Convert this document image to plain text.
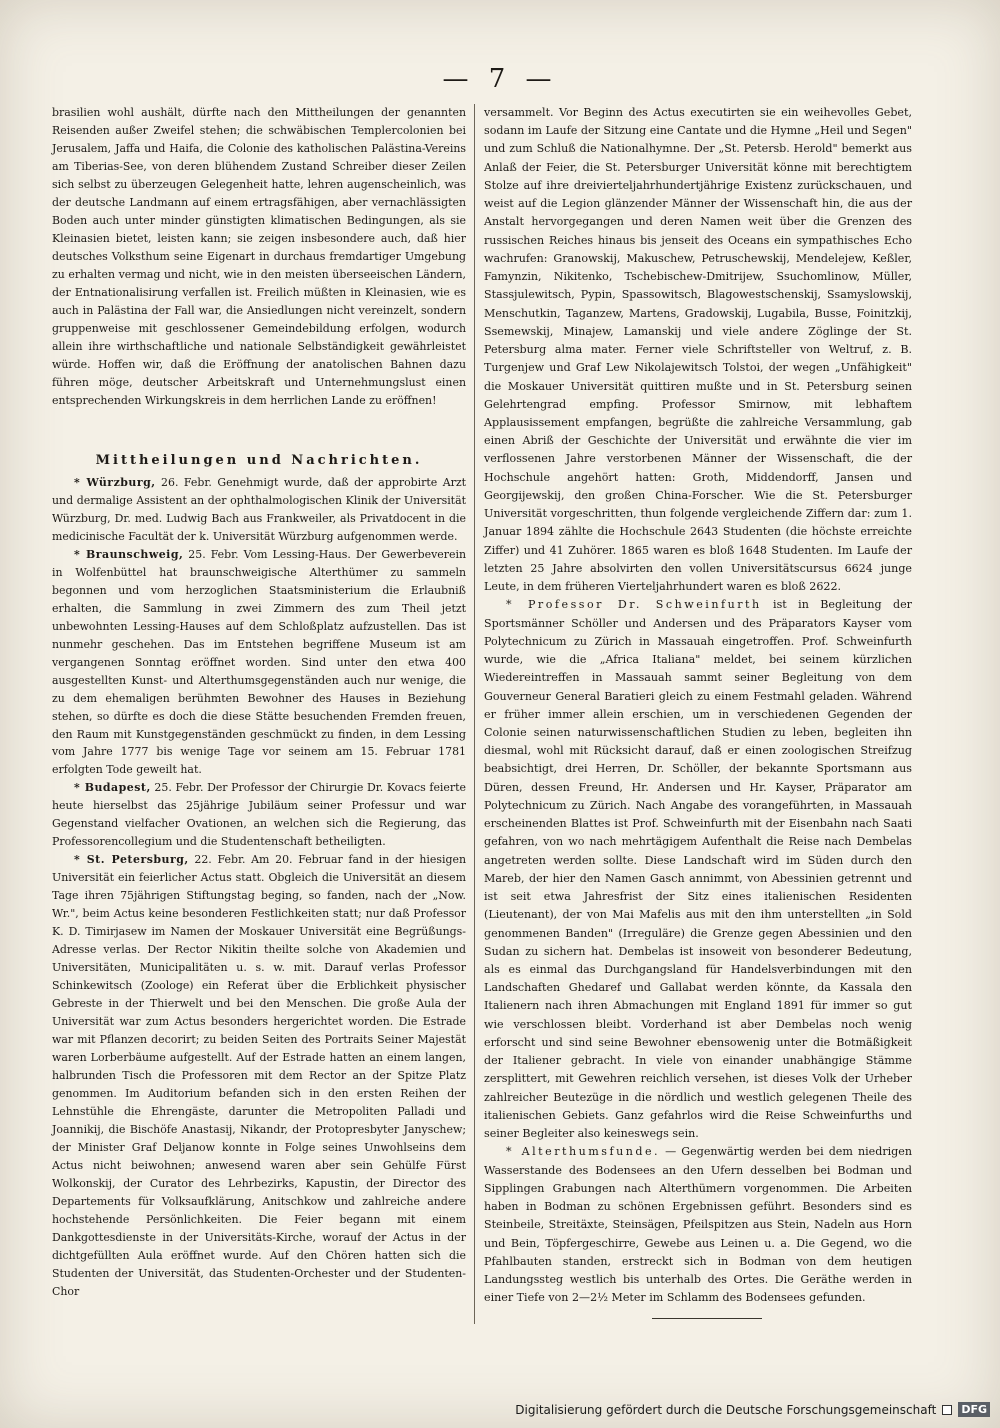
— 7 —

brasilien wohl aushält, dürfte nach den Mittheilungen der genannten Reisenden außer Zweifel stehen; die schwäbischen Templercolonien bei Jerusalem, Jaffa und Haifa, die Colonie des katholischen Palästina-Vereins am Tiberias-See, von deren blühendem Zustand Schreiber dieser Zeilen sich selbst zu überzeugen Gelegenheit hatte, lehren augenscheinlich, was der deutsche Landmann auf einem ertragsfähigen, aber vernachlässigten Boden auch unter minder günstigten klimatischen Bedingungen, als sie Kleinasien bietet, leisten kann; sie zeigen insbesondere auch, daß hier deutsches Volksthum seine Eigenart in durchaus fremdartiger Umgebung zu erhalten vermag und nicht, wie in den meisten überseeischen Ländern, der Entnationalisirung verfallen ist. Freilich müßten in Kleinasien, wie es auch in Palästina der Fall war, die Ansiedlungen nicht vereinzelt, sondern gruppenweise mit geschlossener Gemeindebildung erfolgen, wodurch allein ihre wirthschaftliche und nationale Selbständigkeit gewährleistet würde. Hoffen wir, daß die Eröffnung der anatolischen Bahnen dazu führen möge, deutscher Arbeitskraft und Unternehmungslust einen entsprechenden Wirkungskreis in dem herrlichen Lande zu eröffnen!

Mittheilungen und Nachrichten.

* Würzburg, 26. Febr. Genehmigt wurde, daß der approbirte Arzt und dermalige Assistent an der ophthalmologischen Klinik der Universität Würzburg, Dr. med. Ludwig Bach aus Frankweiler, als Privatdocent in die medicinische Facultät der k. Universität Würzburg aufgenommen werde.

* Braunschweig, 25. Febr. Vom Lessing-Haus. Der Gewerbeverein in Wolfenbüttel hat braunschweigische Alterthümer zu sammeln begonnen und vom herzoglichen Staatsministerium die Erlaubniß erhalten, die Sammlung in zwei Zimmern des zum Theil jetzt unbewohnten Lessing-Hauses auf dem Schloßplatz aufzustellen. Das ist nunmehr geschehen. Das im Entstehen begriffene Museum ist am vergangenen Sonntag eröffnet worden. Sind unter den etwa 400 ausgestellten Kunst- und Alterthumsgegenständen auch nur wenige, die zu dem ehemaligen berühmten Bewohner des Hauses in Beziehung stehen, so dürfte es doch die diese Stätte besuchenden Fremden freuen, den Raum mit Kunstgegenständen geschmückt zu finden, in dem Lessing vom Jahre 1777 bis wenige Tage vor seinem am 15. Februar 1781 erfolgten Tode geweilt hat.

* Budapest, 25. Febr. Der Professor der Chirurgie Dr. Kovacs feierte heute hierselbst das 25jährige Jubiläum seiner Professur und war Gegenstand vielfacher Ovationen, an welchen sich die Regierung, das Professorencollegium und die Studentenschaft betheiligten.

* St. Petersburg, 22. Febr. Am 20. Februar fand in der hiesigen Universität ein feierlicher Actus statt. Obgleich die Universität an diesem Tage ihren 75jährigen Stiftungstag beging, so fanden, nach der „Now. Wr.", beim Actus keine besonderen Festlichkeiten statt; nur daß Professor K. D. Timirjasew im Namen der Moskauer Universität eine Begrüßungs-Adresse verlas. Der Rector Nikitin theilte solche von Akademien und Universitäten, Municipalitäten u. s. w. mit. Darauf verlas Professor Schinkewitsch (Zoologe) ein Referat über die Erblichkeit physischer Gebreste in der Thierwelt und bei den Menschen. Die große Aula der Universität war zum Actus besonders hergerichtet worden. Die Estrade war mit Pflanzen decorirt; zu beiden Seiten des Portraits Seiner Majestät waren Lorberbäume aufgestellt. Auf der Estrade hatten an einem langen, halbrunden Tisch die Professoren mit dem Rector an der Spitze Platz genommen. Im Auditorium befanden sich in den ersten Reihen der Lehnstühle die Ehrengäste, darunter die Metropoliten Palladi und Joannikij, die Bischöfe Anastasij, Nikandr, der Protopresbyter Janyschew; der Minister Graf Deljanow konnte in Folge seines Unwohlseins dem Actus nicht beiwohnen; anwesend waren aber sein Gehülfe Fürst Wolkonskij, der Curator des Lehrbezirks, Kapustin, der Director des Departements für Volksaufklärung, Anitschkow und zahlreiche andere hochstehende Persönlichkeiten. Die Feier begann mit einem Dankgottesdienste in der Universitäts-Kirche, worauf der Actus in der dichtgefüllten Aula eröffnet wurde. Auf den Chören hatten sich die Studenten der Universität, das Studenten-Orchester und der Studenten-Chor

versammelt. Vor Beginn des Actus executirten sie ein weihevolles Gebet, sodann im Laufe der Sitzung eine Cantate und die Hymne „Heil und Segen" und zum Schluß die Nationalhymne. Der „St. Petersb. Herold" bemerkt aus Anlaß der Feier, die St. Petersburger Universität könne mit berechtigtem Stolze auf ihre dreivierteljahrhundertjährige Existenz zurückschauen, und weist auf die Legion glänzender Männer der Wissenschaft hin, die aus der Anstalt hervorgegangen und deren Namen weit über die Grenzen des russischen Reiches hinaus bis jenseit des Oceans ein sympathisches Echo wachrufen: Granowskij, Makuschew, Petruschewskij, Mendelejew, Keßler, Famynzin, Nikitenko, Tschebischew-Dmitrijew, Ssuchomlinow, Müller, Stassjulewitsch, Pypin, Spassowitsch, Blagowestschenskij, Ssamyslowskij, Menschutkin, Taganzew, Martens, Gradowskij, Lugabila, Busse, Foinitzkij, Ssemewskij, Minajew, Lamanskij und viele andere Zöglinge der St. Petersburg alma mater. Ferner viele Schriftsteller von Weltruf, z. B. Turgenjew und Graf Lew Nikolajewitsch Tolstoi, der wegen „Unfähigkeit" die Moskauer Universität quittiren mußte und in St. Petersburg seinen Gelehrtengrad empfing. Professor Smirnow, mit lebhaftem Applausissement empfangen, begrüßte die zahlreiche Versammlung, gab einen Abriß der Geschichte der Universität und erwähnte die vier im verflossenen Jahre verstorbenen Männer der Wissenschaft, die der Hochschule angehört hatten: Groth, Middendorff, Jansen und Georgijewskij, den großen China-Forscher. Wie die St. Petersburger Universität vorgeschritten, thun folgende vergleichende Ziffern dar: zum 1. Januar 1894 zählte die Hochschule 2643 Studenten (die höchste erreichte Ziffer) und 41 Zuhörer. 1865 waren es bloß 1648 Studenten. Im Laufe der letzten 25 Jahre absolvirten den vollen Universitätscursus 6624 junge Leute, in dem früheren Vierteljahrhundert waren es bloß 2622.

* Professor Dr. Schweinfurth ist in Begleitung der Sportsmänner Schöller und Andersen und des Präparators Kayser vom Polytechnicum zu Zürich in Massauah eingetroffen. Prof. Schweinfurth wurde, wie die „Africa Italiana" meldet, bei seinem kürzlichen Wiedereintreffen in Massauah sammt seiner Begleitung von dem Gouverneur General Baratieri gleich zu einem Festmahl geladen. Während er früher immer allein erschien, um in verschiedenen Gegenden der Colonie seinen naturwissenschaftlichen Studien zu leben, begleiten ihn diesmal, wohl mit Rücksicht darauf, daß er einen zoologischen Streifzug beabsichtigt, drei Herren, Dr. Schöller, der bekannte Sportsmann aus Düren, dessen Freund, Hr. Andersen und Hr. Kayser, Präparator am Polytechnicum zu Zürich. Nach Angabe des vorangeführten, in Massauah erscheinenden Blattes ist Prof. Schweinfurth mit der Eisenbahn nach Saati gefahren, von wo nach mehrtägigem Aufenthalt die Reise nach Dembelas angetreten werden sollte. Diese Landschaft wird im Süden durch den Mareb, der hier den Namen Gasch annimmt, von Abessinien getrennt und ist seit etwa Jahresfrist der Sitz eines italienischen Residenten (Lieutenant), der von Mai Mafelis aus mit den ihm unterstellten „in Sold genommenen Banden" (Irreguläre) die Grenze gegen Abessinien und den Sudan zu sichern hat. Dembelas ist insoweit von besonderer Bedeutung, als es einmal das Durchgangsland für Handelsverbindungen mit den Landschaften Ghedaref und Gallabat werden könnte, da Kassala den Italienern nach ihren Abmachungen mit England 1891 für immer so gut wie verschlossen bleibt. Vorderhand ist aber Dembelas noch wenig erforscht und sind seine Bewohner ebensowenig unter die Botmäßigkeit der Italiener gebracht. In viele von einander unabhängige Stämme zersplittert, mit Gewehren reichlich versehen, ist dieses Volk der Urheber zahlreicher Beutezüge in die nördlich und westlich gelegenen Theile des italienischen Gebiets. Ganz gefahrlos wird die Reise Schweinfurths und seiner Begleiter also keineswegs sein.

* Alterthumsfunde. — Gegenwärtig werden bei dem niedrigen Wasserstande des Bodensees an den Ufern desselben bei Bodman und Sipplingen Grabungen nach Alterthümern vorgenommen. Die Arbeiten haben in Bodman zu schönen Ergebnissen geführt. Besonders sind es Steinbeile, Streitäxte, Steinsägen, Pfeilspitzen aus Stein, Nadeln aus Horn und Bein, Töpfergeschirre, Gewebe aus Leinen u. a. Die Gegend, wo die Pfahlbauten standen, erstreckt sich in Bodman von dem heutigen Landungssteg westlich bis unterhalb des Ortes. Die Geräthe werden in einer Tiefe von 2—2½ Meter im Schlamm des Bodensees gefunden.

Digitalisierung gefördert durch die Deutsche Forschungsgemeinschaft DFG
